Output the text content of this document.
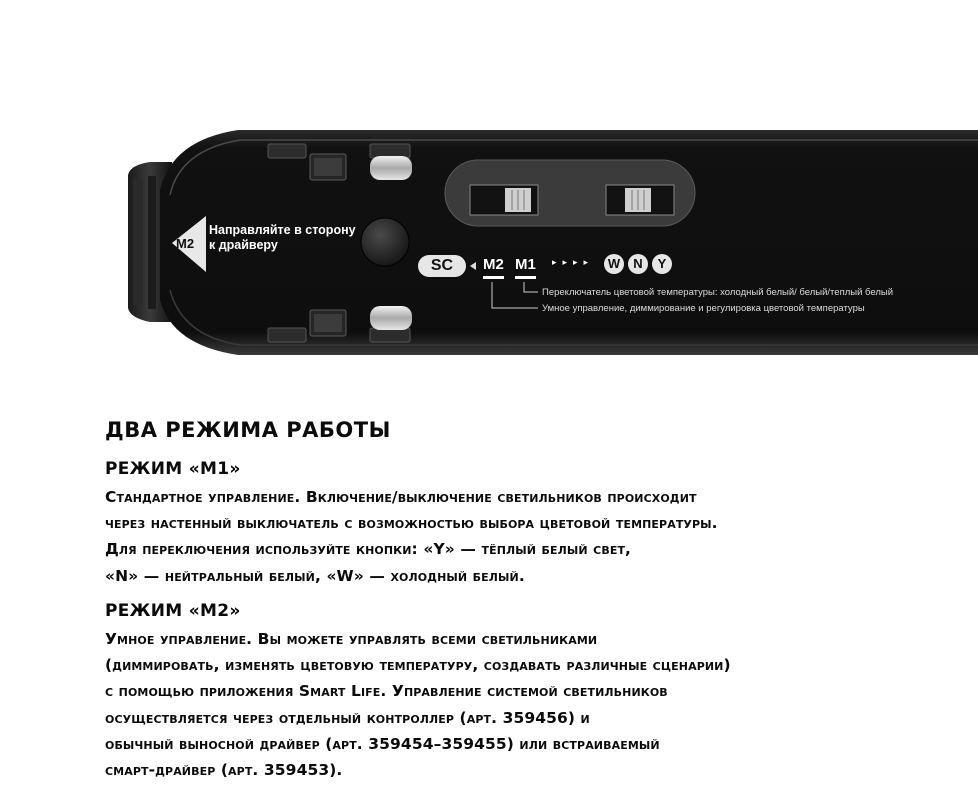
M2
Направляйте в сторону к драйверу
SC	M2 M1 ▸▸▸▸ W	N	Y
Переключатель цветовой температуры: холодный белый/ белый/теплый белый
Умное управление, диммирование и регулировка цветовой температуры
ДВА РЕЖИМА РАБОТЫ
РЕЖИМ «M1»
Стандартное управление. Включение/выключение светильников происходит
через настенный выключатель с возможностью выбора цветовой температуры.
Для переключения используйте кнопки: «Y» — тёплый белый свет,
«N» — нейтральный белый, «W» — холодный белый.
РЕЖИМ «M2»
Умное управление. Вы можете управлять всеми светильниками
(диммировать, изменять цветовую температуру, создавать различные сценарии)
с помощью приложения Smart Life. Управление системой светильников
осуществляется через отдельный контроллер (арт. 359456) и
обычный выносной драйвер (арт. 359454–359455) или встраиваемый
смарт-драйвер (арт. 359453).
